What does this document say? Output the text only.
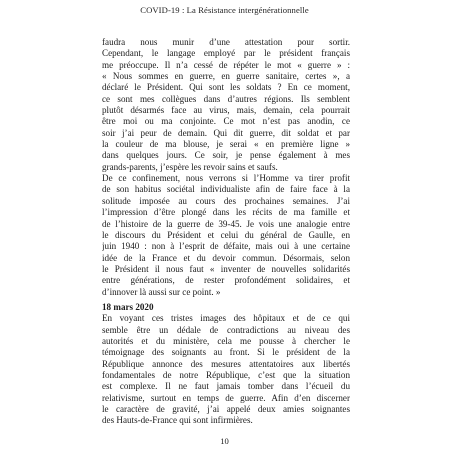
COVID-19 : La Résistance intergénérationnelle
faudra nous munir d’une attestation pour sortir.
Cependant, le langage employé par le président français
me préoccupe. Il n’a cessé de répéter le mot « guerre » :
« Nous sommes en guerre, en guerre sanitaire, certes », a
déclaré le Président. Qui sont les soldats ? En ce moment,
ce sont mes collègues dans d’autres régions. Ils semblent
plutôt désarmés face au virus, mais, demain, cela pourrait
être moi ou ma conjointe. Ce mot n’est pas anodin, ce
soir j’ai peur de demain. Qui dit guerre, dit soldat et par
la couleur de ma blouse, je serai « en première ligne »
dans quelques jours. Ce soir, je pense également à mes
grands-parents, j’espère les revoir sains et saufs.
De ce confinement, nous verrons si l’Homme va tirer profit
de son habitus sociétal individualiste afin de faire face à la
solitude imposée au cours des prochaines semaines. J’ai
l’impression d’être plongé dans les récits de ma famille et
de l’histoire de la guerre de 39-45. Je vois une analogie entre
le discours du Président et celui du général de Gaulle, en
juin 1940 : non à l’esprit de défaite, mais oui à une certaine
idée de la France et du devoir commun. Désormais, selon
le Président il nous faut « inventer de nouvelles solidarités
entre générations, de rester profondément solidaires, et
d’innover là aussi sur ce point. »
18 mars 2020
En voyant ces tristes images des hôpitaux et de ce qui
semble être un dédale de contradictions au niveau des
autorités et du ministère, cela me pousse à chercher le
témoignage des soignants au front. Si le président de la
République annonce des mesures attentatoires aux libertés
fondamentales de notre République, c’est que la situation
est complexe. Il ne faut jamais tomber dans l’écueil du
relativisme, surtout en temps de guerre. Afin d’en discerner
le caractère de gravité, j’ai appelé deux amies soignantes
des Hauts-de-France qui sont infirmières.
10
